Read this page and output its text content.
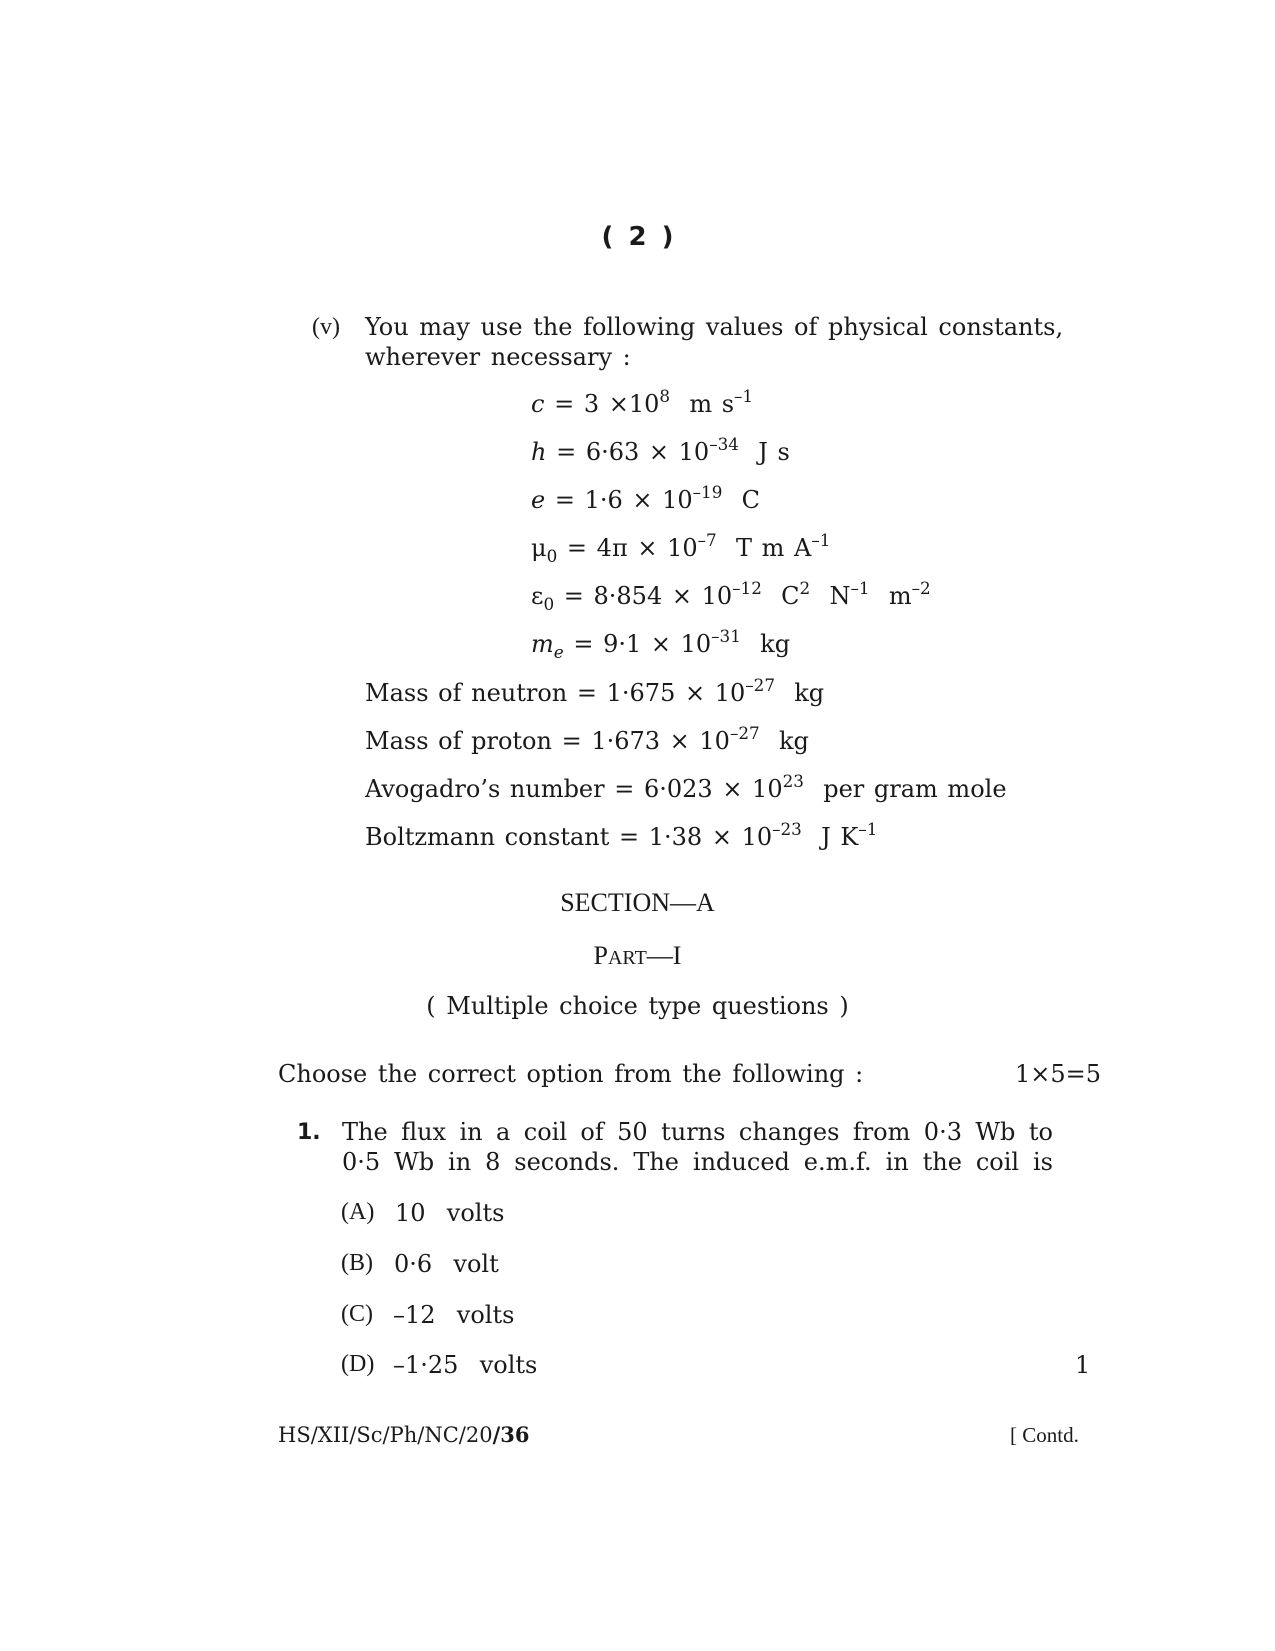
( 2 )
(v) You may use the following values of physical constants,
wherever necessary :
$c = 3 \times 10^8$ m $s^{-1}$
$h = 6\cdot 63 \times 10^{-34}$ J s
$e = 1\cdot 6 \times 10^{-19}$ C
$\mu_0 = 4\pi \times 10^{-7}$ T m $A^{-1}$
$\varepsilon_0 = 8\cdot 854 \times 10^{-12}$ $C^2$ $N^{-1}$ $m^{-2}$
$m_e = 9\cdot 1 \times 10^{-31}$ kg
Mass of neutron = $1\cdot 675 \times 10^{-27}$ kg
Mass of proton = $1\cdot 673 \times 10^{-27}$ kg
Avogadro’s number = $6\cdot 023 \times 10^{23}$ per gram mole
Boltzmann constant = $1\cdot 38 \times 10^{-23}$ J $K^{-1}$
SECTION—A
PART—I
( Multiple choice type questions )
Choose the correct option from the following :	1×5=5
1. The flux in a coil of 50 turns changes from 0·3 Wb to
0·5 Wb in 8 seconds. The induced e.m.f. in the coil is
(A) 10  volts
(B) 0·6  volt
(C) –12  volts
(D) –1·25  volts	1
HS/XII/Sc/Ph/NC/20/36	[ Contd.
